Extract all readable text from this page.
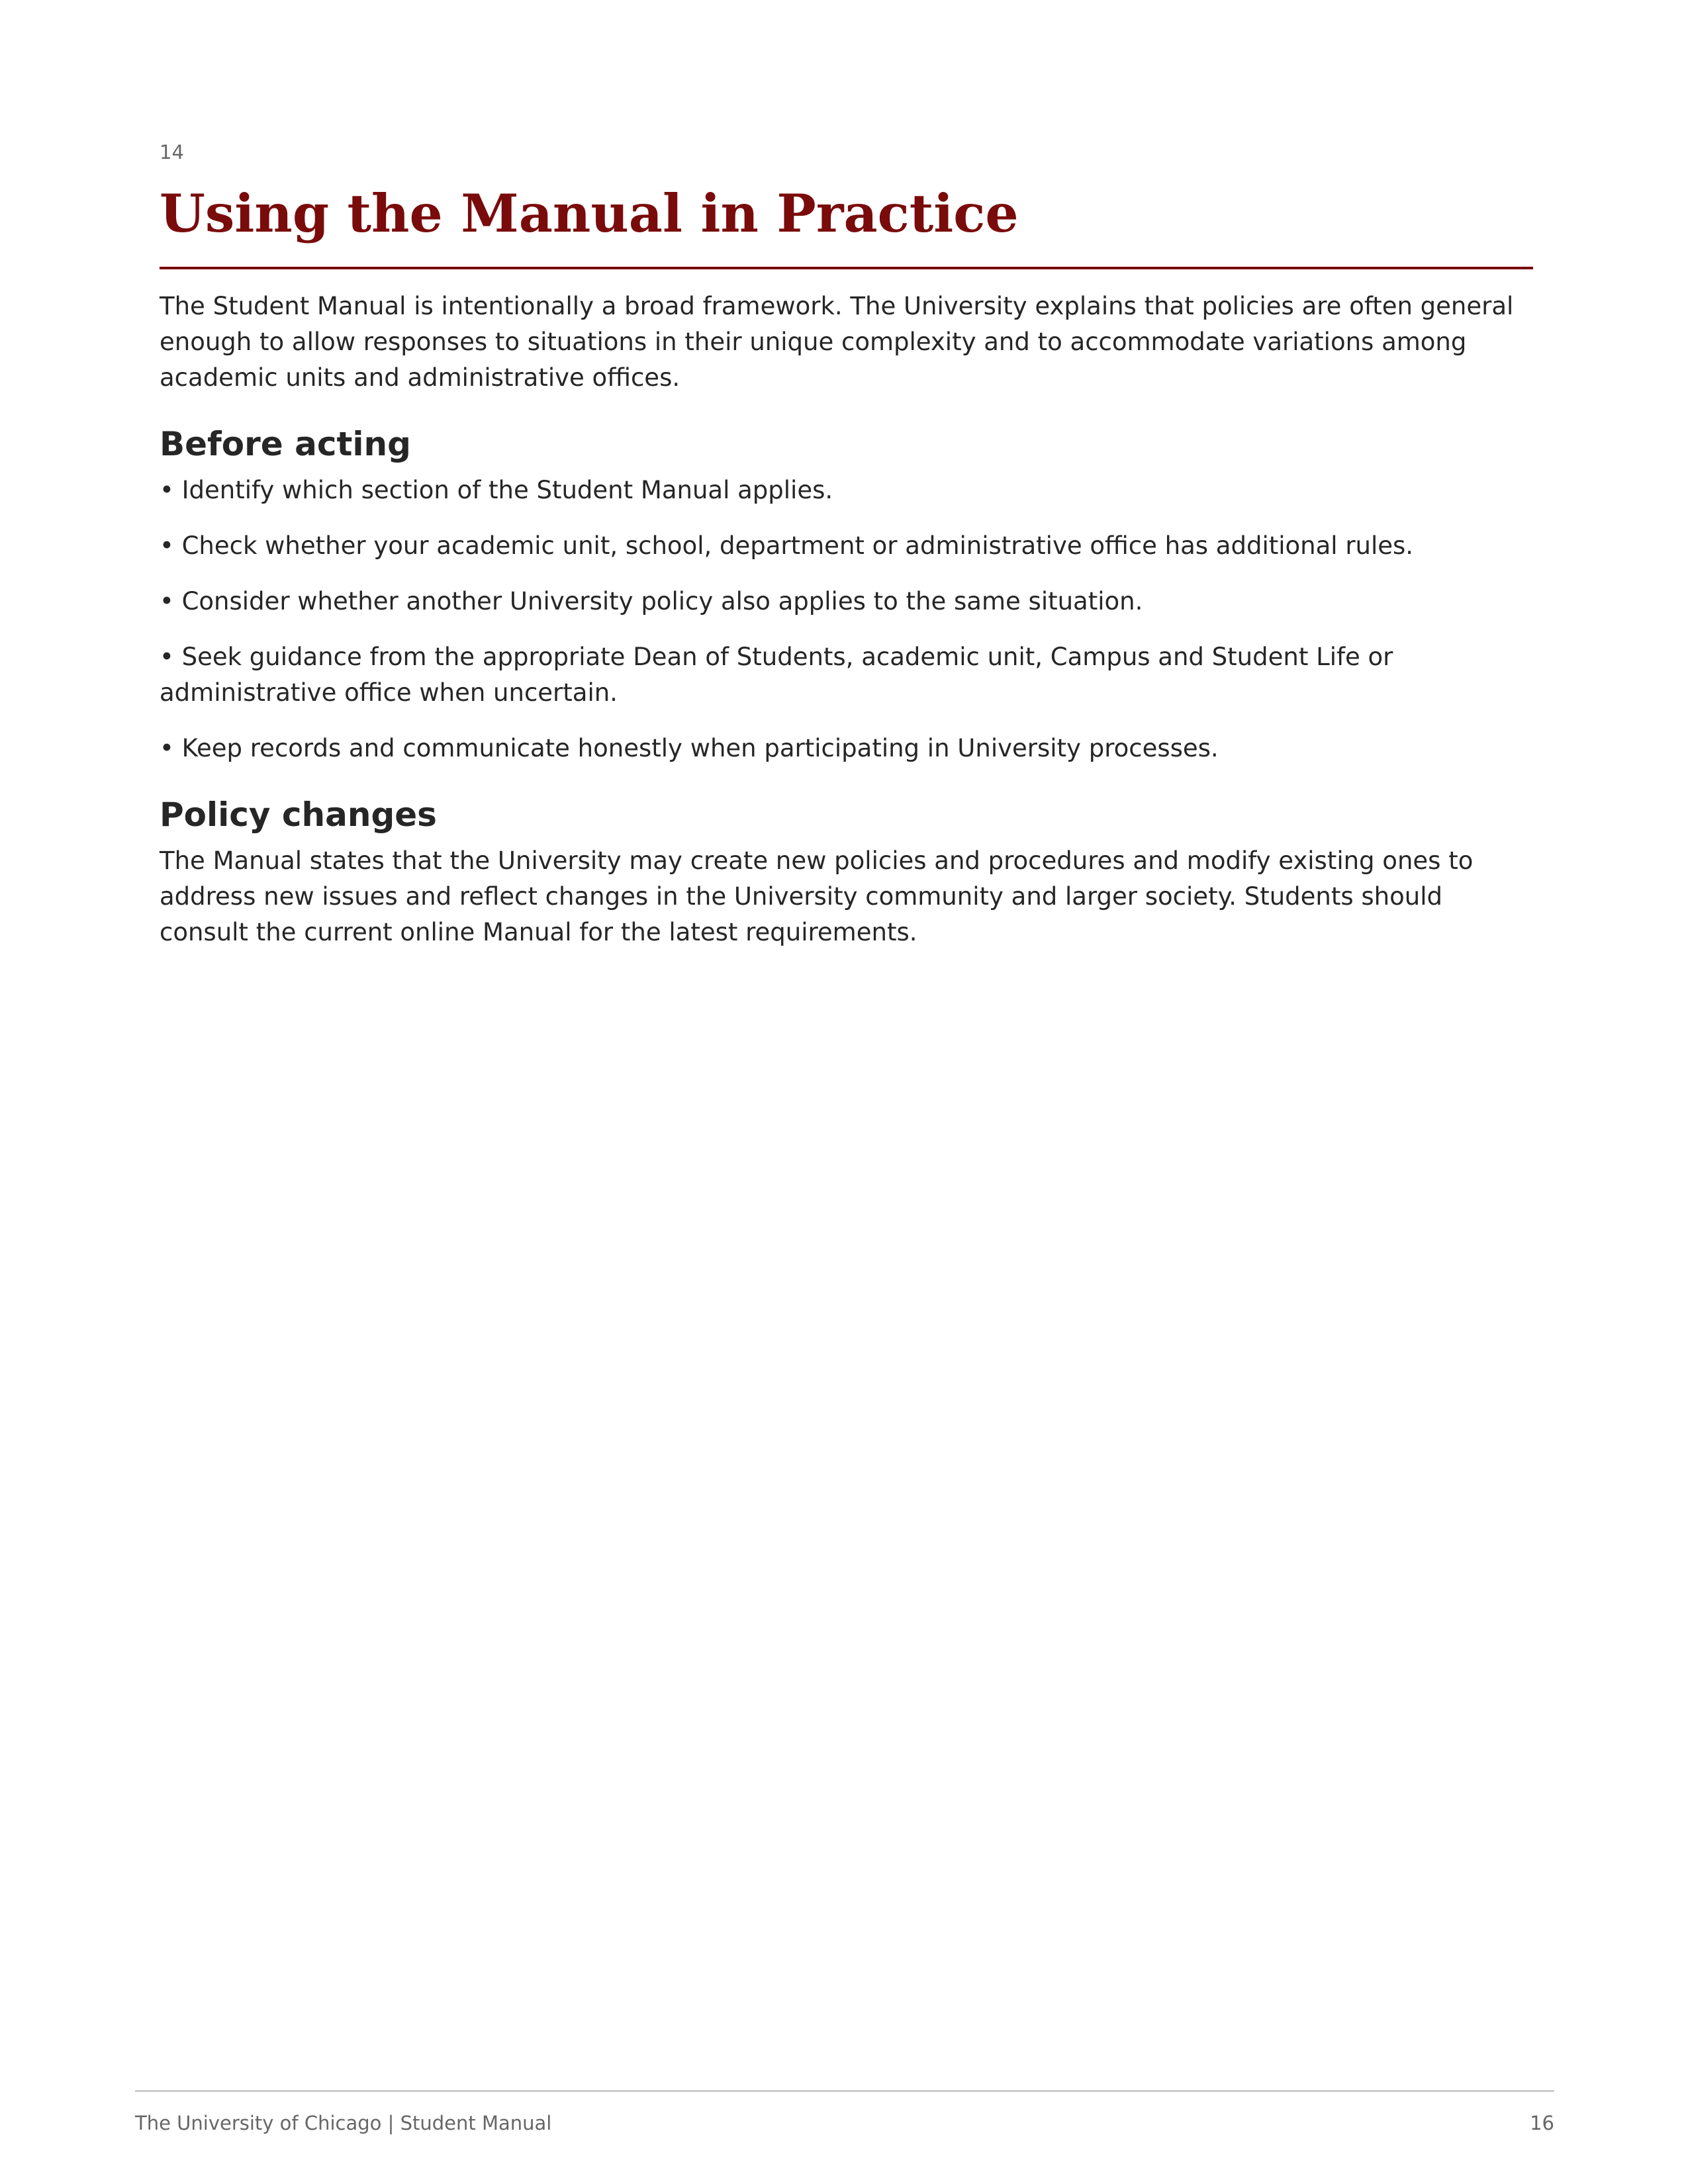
14
Using the Manual in Practice

The Student Manual is intentionally a broad framework. The University explains that policies are often general enough to allow responses to situations in their unique complexity and to accommodate variations among academic units and administrative offices.

Before acting
• Identify which section of the Student Manual applies.
• Check whether your academic unit, school, department or administrative office has additional rules.
• Consider whether another University policy also applies to the same situation.
• Seek guidance from the appropriate Dean of Students, academic unit, Campus and Student Life or administrative office when uncertain.
• Keep records and communicate honestly when participating in University processes.
Policy changes

The Manual states that the University may create new policies and procedures and modify existing ones to address new issues and reflect changes in the University community and larger society. Students should consult the current online Manual for the latest requirements.

The University of Chicago | Student Manual	16
